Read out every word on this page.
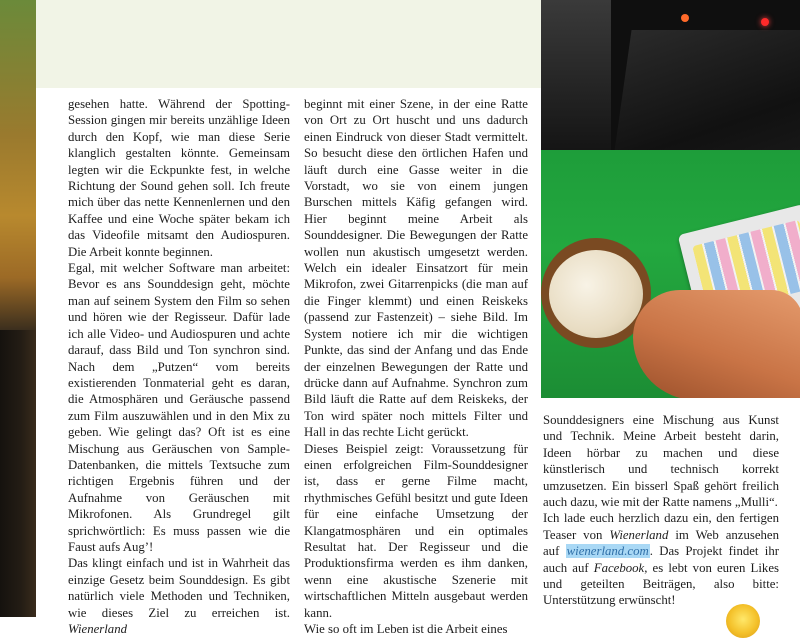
gesehen hatte. Während der Spotting-Session gingen mir bereits unzählige Ideen durch den Kopf, wie man diese Serie klanglich gestalten könnte. Gemeinsam legten wir die Eckpunkte fest, in welche Richtung der Sound gehen soll. Ich freute mich über das nette Kennenlernen und den Kaffee und eine Woche später bekam ich das Videofile mitsamt den Audiospuren. Die Arbeit konnte beginnen.

Egal, mit welcher Software man arbeitet: Bevor es ans Sounddesign geht, möchte man auf seinem System den Film so sehen und hören wie der Regisseur. Dafür lade ich alle Video- und Audiospuren und achte darauf, dass Bild und Ton synchron sind. Nach dem „Putzen“ vom bereits existierenden Tonmaterial geht es daran, die Atmosphären und Geräusche passend zum Film auszuwählen und in den Mix zu geben. Wie gelingt das? Oft ist es eine Mischung aus Geräuschen von Sample-Datenbanken, die mittels Textsuche zum richtigen Ergebnis führen und der Aufnahme von Geräuschen mit Mikrofonen. Als Grundregel gilt sprichwörtlich: Es muss passen wie die Faust aufs Aug’!

Das klingt einfach und ist in Wahrheit das einzige Gesetz beim Sounddesign. Es gibt natürlich viele Methoden und Techniken, wie dieses Ziel zu erreichen ist. Wienerland

beginnt mit einer Szene, in der eine Ratte von Ort zu Ort huscht und uns dadurch einen Eindruck von dieser Stadt vermittelt. So besucht diese den örtlichen Hafen und läuft durch eine Gasse weiter in die Vorstadt, wo sie von einem jungen Burschen mittels Käfig gefangen wird. Hier beginnt meine Arbeit als Sounddesigner. Die Bewegungen der Ratte wollen nun akustisch umgesetzt werden. Welch ein idealer Einsatzort für mein Mikrofon, zwei Gitarrenpicks (die man auf die Finger klemmt) und einen Reiskeks (passend zur Fastenzeit) – siehe Bild. Im System notiere ich mir die wichtigen Punkte, das sind der Anfang und das Ende der einzelnen Bewegungen der Ratte und drücke dann auf Aufnahme. Synchron zum Bild läuft die Ratte auf dem Reiskeks, der Ton wird später noch mittels Filter und Hall in das rechte Licht gerückt.

Dieses Beispiel zeigt: Voraussetzung für einen erfolgreichen Film-Sounddesigner ist, dass er gerne Filme macht, rhythmisches Gefühl besitzt und gute Ideen für eine einfache Umsetzung der Klangatmosphären und ein optimales Resultat hat. Der Regisseur und die Produktionsfirma werden es ihm danken, wenn eine akustische Szenerie mit wirtschaftlichen Mitteln ausgebaut werden kann.

Wie so oft im Leben ist die Arbeit eines

Sounddesigners eine Mischung aus Kunst und Technik. Meine Arbeit besteht darin, Ideen hörbar zu machen und diese künstlerisch und technisch korrekt umzusetzen. Ein bisserl Spaß gehört freilich auch dazu, wie mit der Ratte namens „Mulli“.

Ich lade euch herzlich dazu ein, den fertigen Teaser von Wienerland im Web anzusehen auf wienerland.com. Das Projekt findet ihr auch auf Facebook, es lebt von euren Likes und geteilten Beiträgen, also bitte: Unterstützung erwünscht!
